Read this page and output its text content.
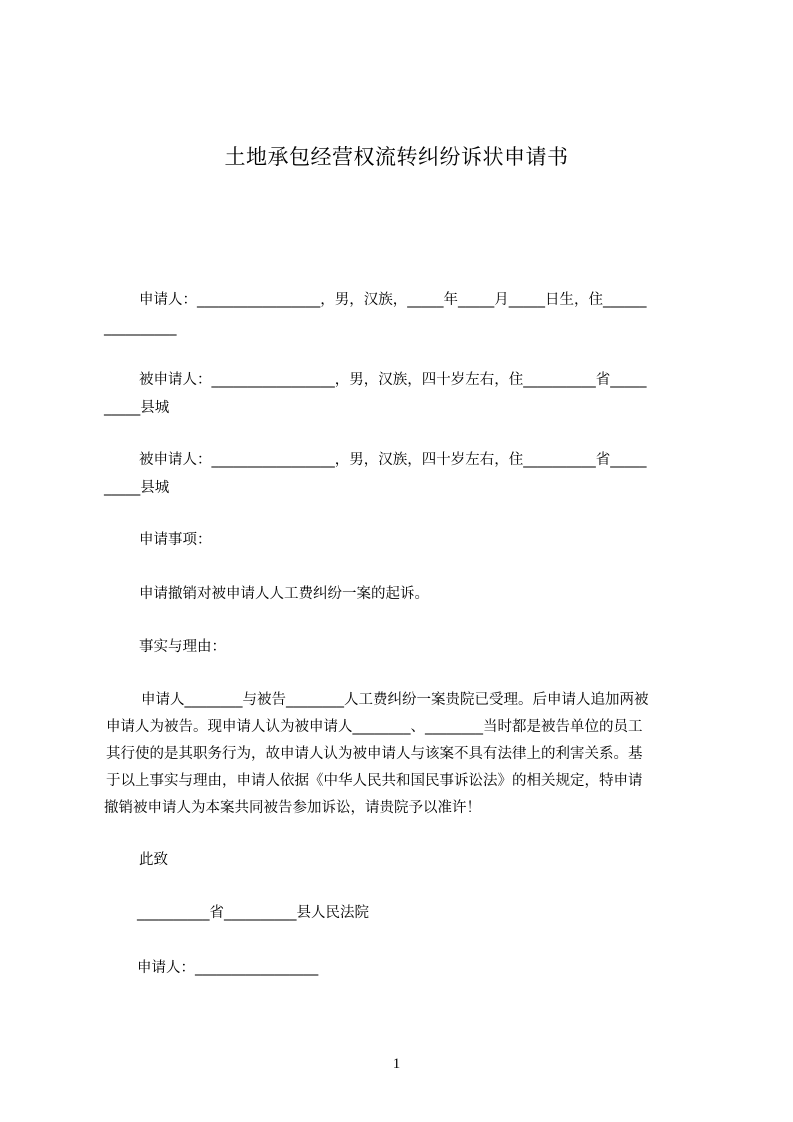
土地承包经营权流转纠纷诉状申请书
申请人：_________________，男，汉族，_____年_____月_____日生，住______
__________
被申请人：_________________，男，汉族，四十岁左右，住__________省_____
_____县城
被申请人：_________________，男，汉族，四十岁左右，住__________省_____
_____县城
申请事项：
申请撤销对被申请人人工费纠纷一案的起诉。
事实与理由：
申请人________与被告________人工费纠纷一案贵院已受理。后申请人追加两被
申请人为被告。现申请人认为被申请人________、________当时都是被告单位的员工
其行使的是其职务行为，故申请人认为被申请人与该案不具有法律上的利害关系。基
于以上事实与理由，申请人依据《中华人民共和国民事诉讼法》的相关规定，特申请
撤销被申请人为本案共同被告参加诉讼，请贵院予以准许！
此致
__________省__________县人民法院
申请人：_________________
1
